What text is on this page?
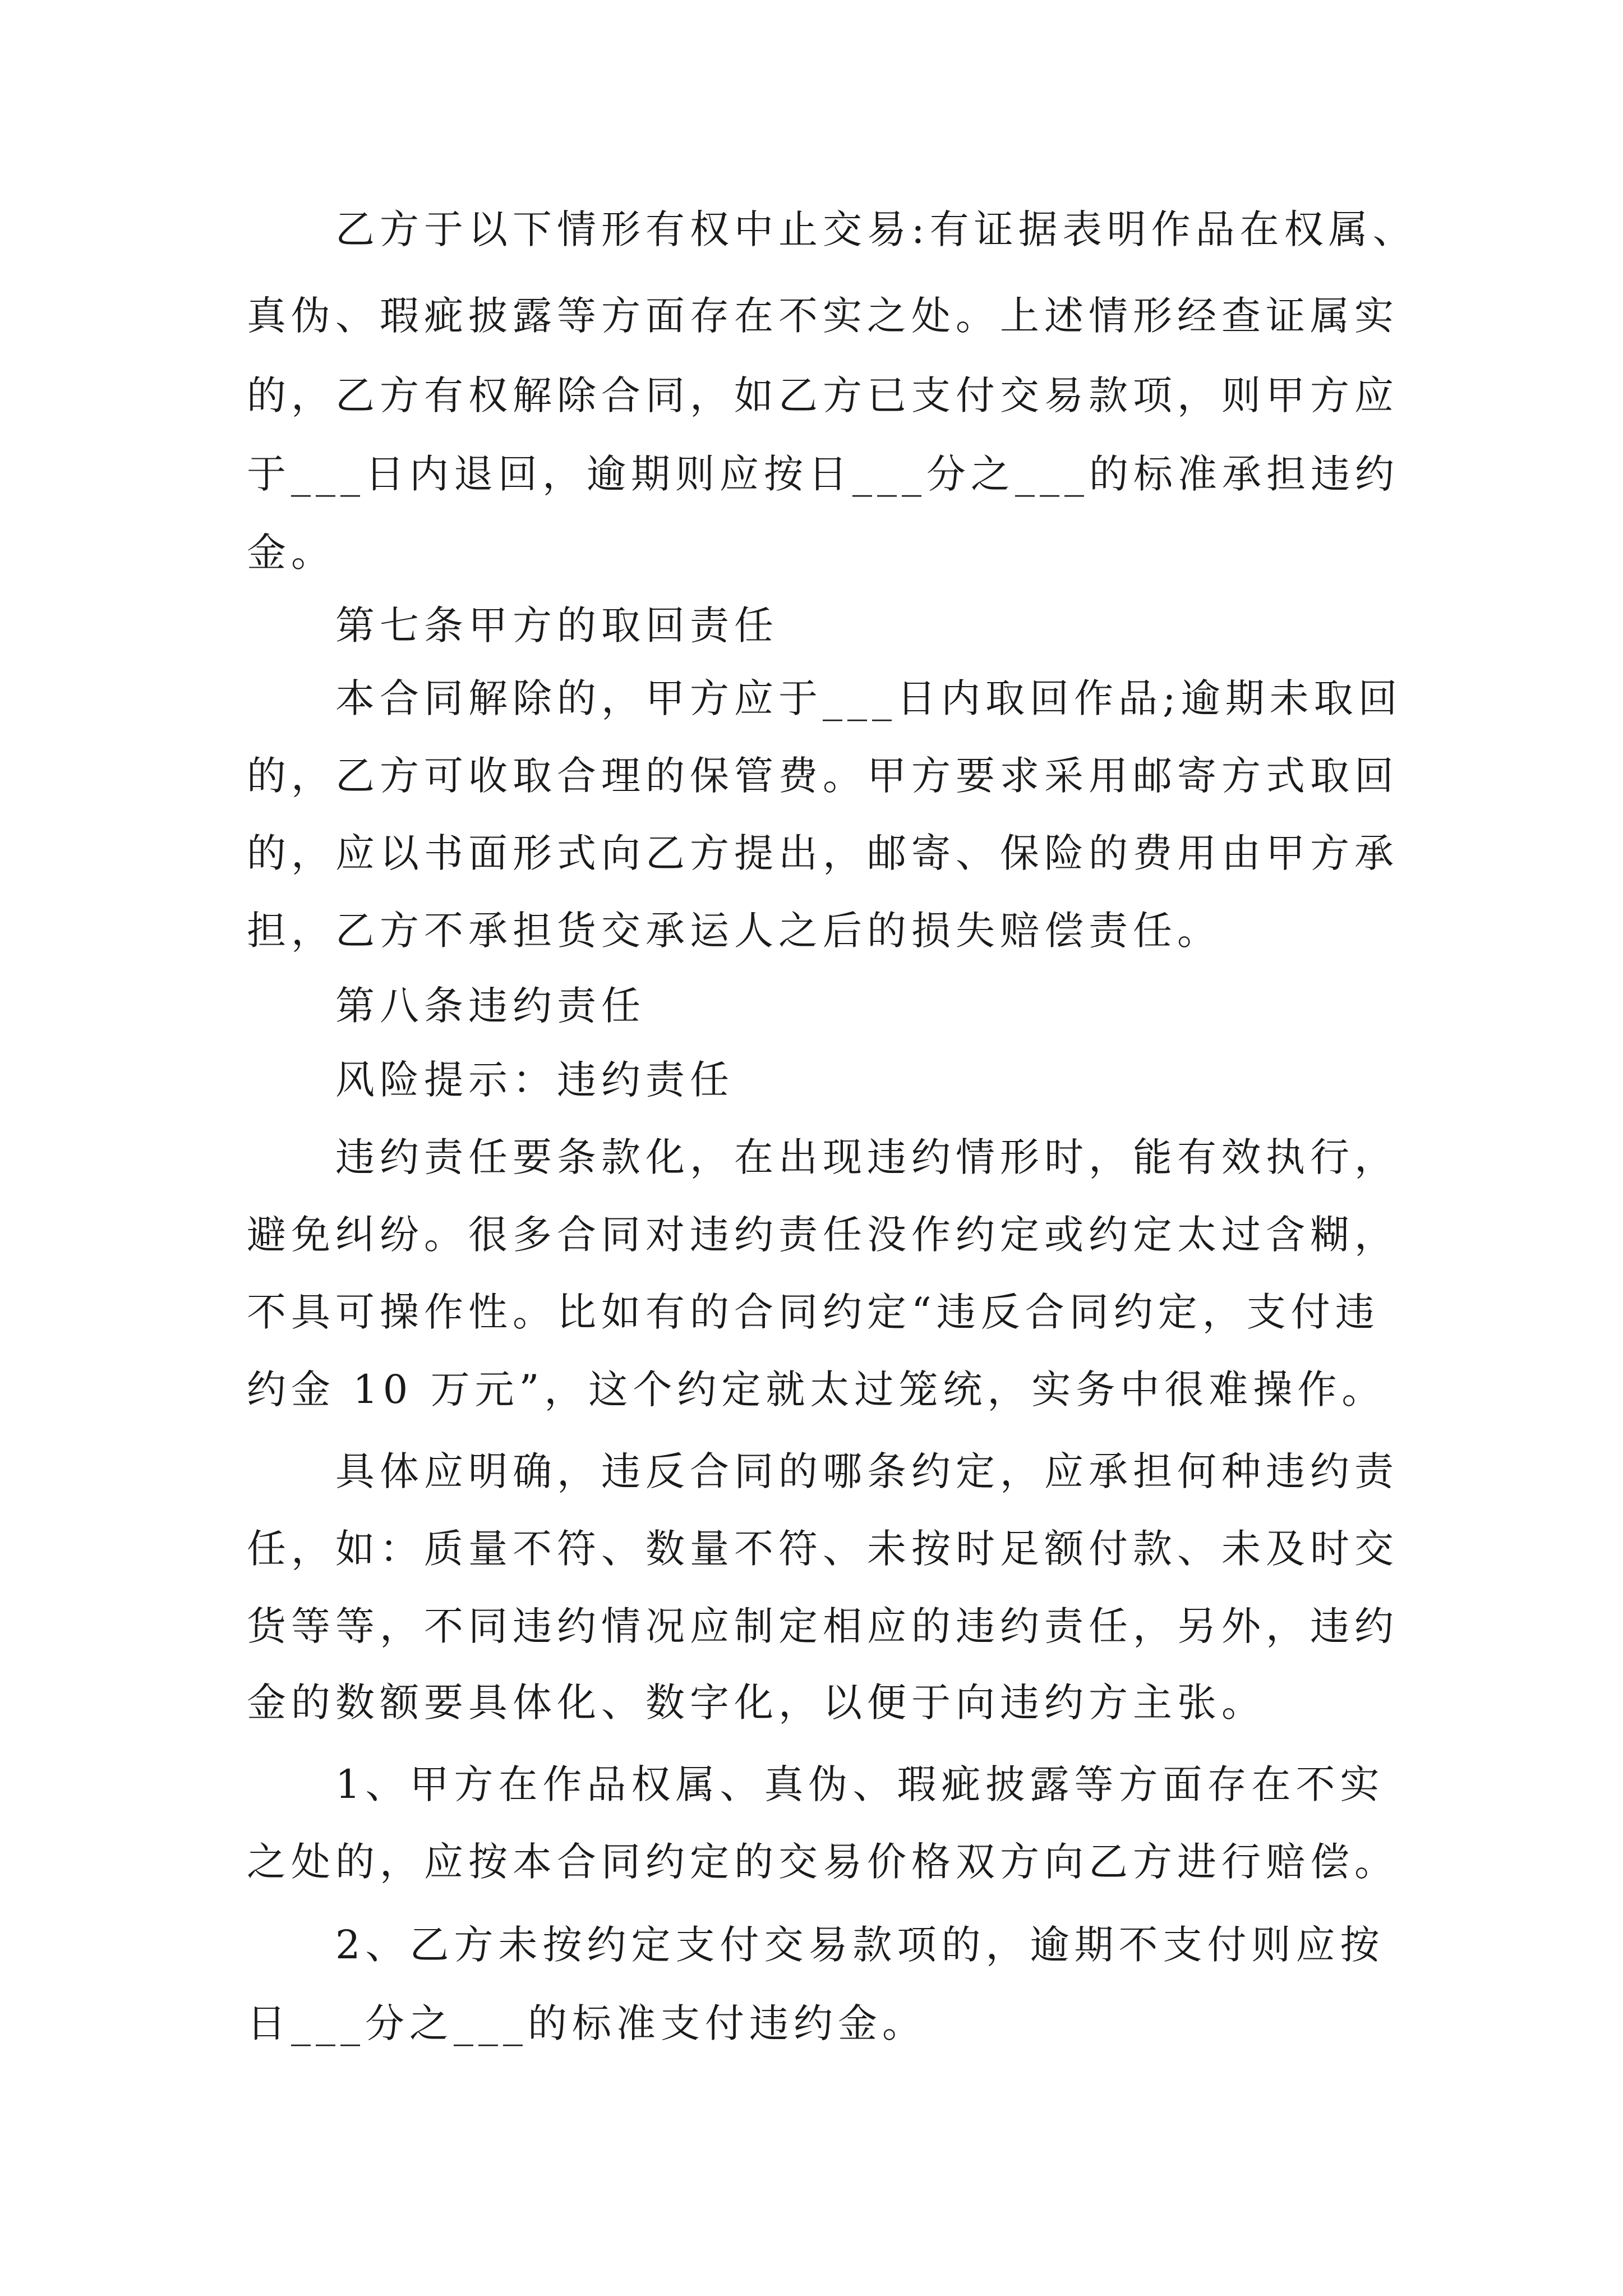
乙方于以下情形有权中止交易:有证据表明作品在权属、
真伪、瑕疵披露等方面存在不实之处。上述情形经查证属实
的，乙方有权解除合同，如乙方已支付交易款项，则甲方应
于___日内退回，逾期则应按日___分之___的标准承担违约
金。
第七条甲方的取回责任
本合同解除的，甲方应于___日内取回作品;逾期未取回
的，乙方可收取合理的保管费。甲方要求采用邮寄方式取回
的，应以书面形式向乙方提出，邮寄、保险的费用由甲方承
担，乙方不承担货交承运人之后的损失赔偿责任。
第八条违约责任
风险提示：违约责任
违约责任要条款化，在出现违约情形时，能有效执行，
避免纠纷。很多合同对违约责任没作约定或约定太过含糊，
不具可操作性。比如有的合同约定“违反合同约定，支付违
约金 10 万元”，这个约定就太过笼统，实务中很难操作。
具体应明确，违反合同的哪条约定，应承担何种违约责
任，如：质量不符、数量不符、未按时足额付款、未及时交
货等等，不同违约情况应制定相应的违约责任，另外，违约
金的数额要具体化、数字化，以便于向违约方主张。
1、甲方在作品权属、真伪、瑕疵披露等方面存在不实
之处的，应按本合同约定的交易价格双方向乙方进行赔偿。
2、乙方未按约定支付交易款项的，逾期不支付则应按
日___分之___的标准支付违约金。
